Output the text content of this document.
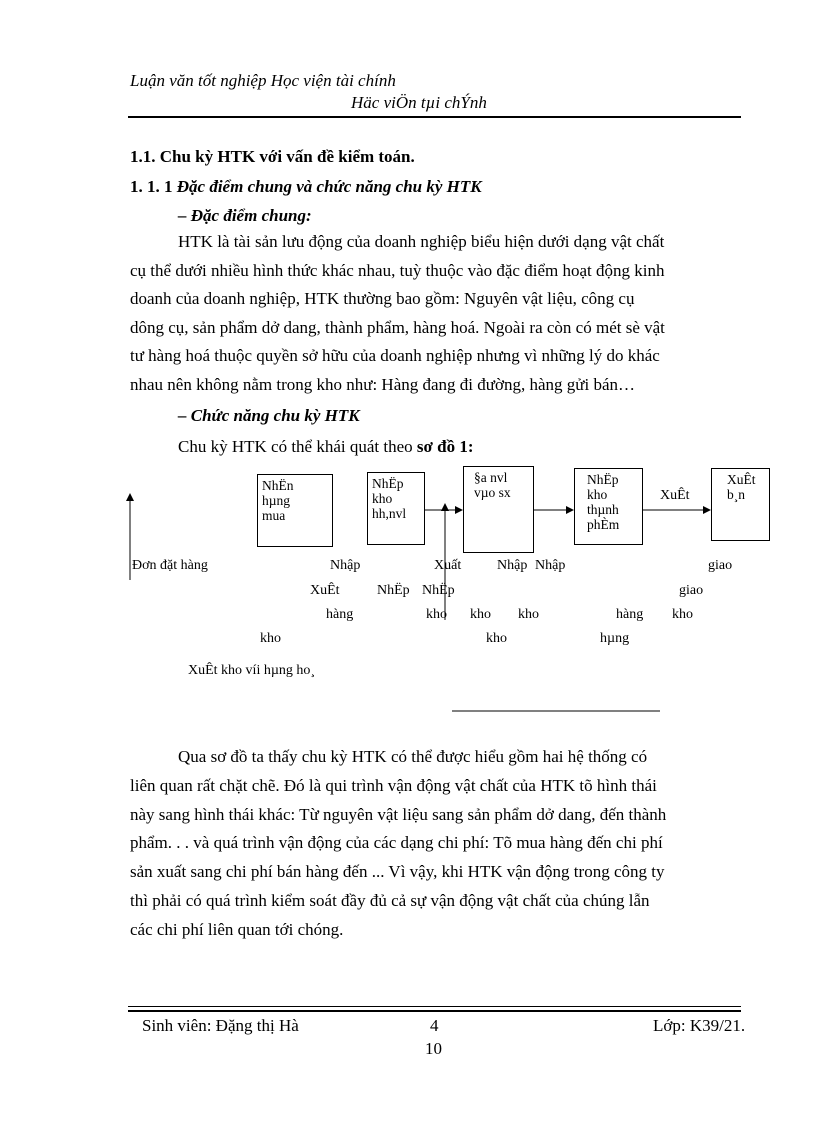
Luận văn tốt nghiệp Học viện tài chính
Häc viÖn tµi chÝnh
1.1. Chu kỳ HTK với vấn đề kiểm toán.
1. 1. 1 Đặc điểm chung và chức năng chu kỳ HTK
– Đặc điểm chung:
HTK là tài sản lưu động của doanh nghiệp biểu hiện dưới dạng vật chất
cụ thể dưới nhiều hình thức khác nhau, tuỳ thuộc vào đặc điểm hoạt động kinh
doanh của doanh nghiệp, HTK thường bao gồm: Nguyên vật liệu, công cụ
dông cụ, sản phẩm dở dang, thành phẩm, hàng hoá. Ngoài ra còn có mét sè vật
tư hàng hoá thuộc quyền sở hữu của doanh nghiệp nhưng vì những lý do khác
nhau nên không nằm trong kho như: Hàng đang đi đường, hàng gửi bán…
– Chức năng chu kỳ HTK
Chu kỳ HTK có thể khái quát theo sơ đồ 1:
NhËn
hµng
mua
NhËp
kho
hh,nvl
§a nvl
vµo sx
NhËp
kho
thµnh
phÈm
XuÊt
b¸n
XuÊt
Đơn đặt hàng	Nhập	Xuất	Nhập Nhập	giao
XuÊt	NhËp NhËp	giao
hàng	kho kho kho	hàng kho
kho	kho	hµng
XuÊt kho víi hµng ho¸
Qua sơ đồ ta thấy chu kỳ HTK có thể được hiểu gồm hai hệ thống có
liên quan rất chặt chẽ. Đó là qui trình vận động vật chất của HTK tõ hình thái
này sang hình thái khác: Từ nguyên vật liệu sang sản phẩm dở dang, đến thành
phẩm. . . và quá trình vận động của các dạng chi phí: Tõ mua hàng đến chi phí
sản xuất sang chi phí bán hàng đến ... Vì vậy, khi HTK vận động trong công ty
thì phải có quá trình kiểm soát đầy đủ cả sự vận động vật chất của chúng lẫn
các chi phí liên quan tới chóng.
Sinh viên: Đặng thị Hà	4
10
Lớp: K39/21.
